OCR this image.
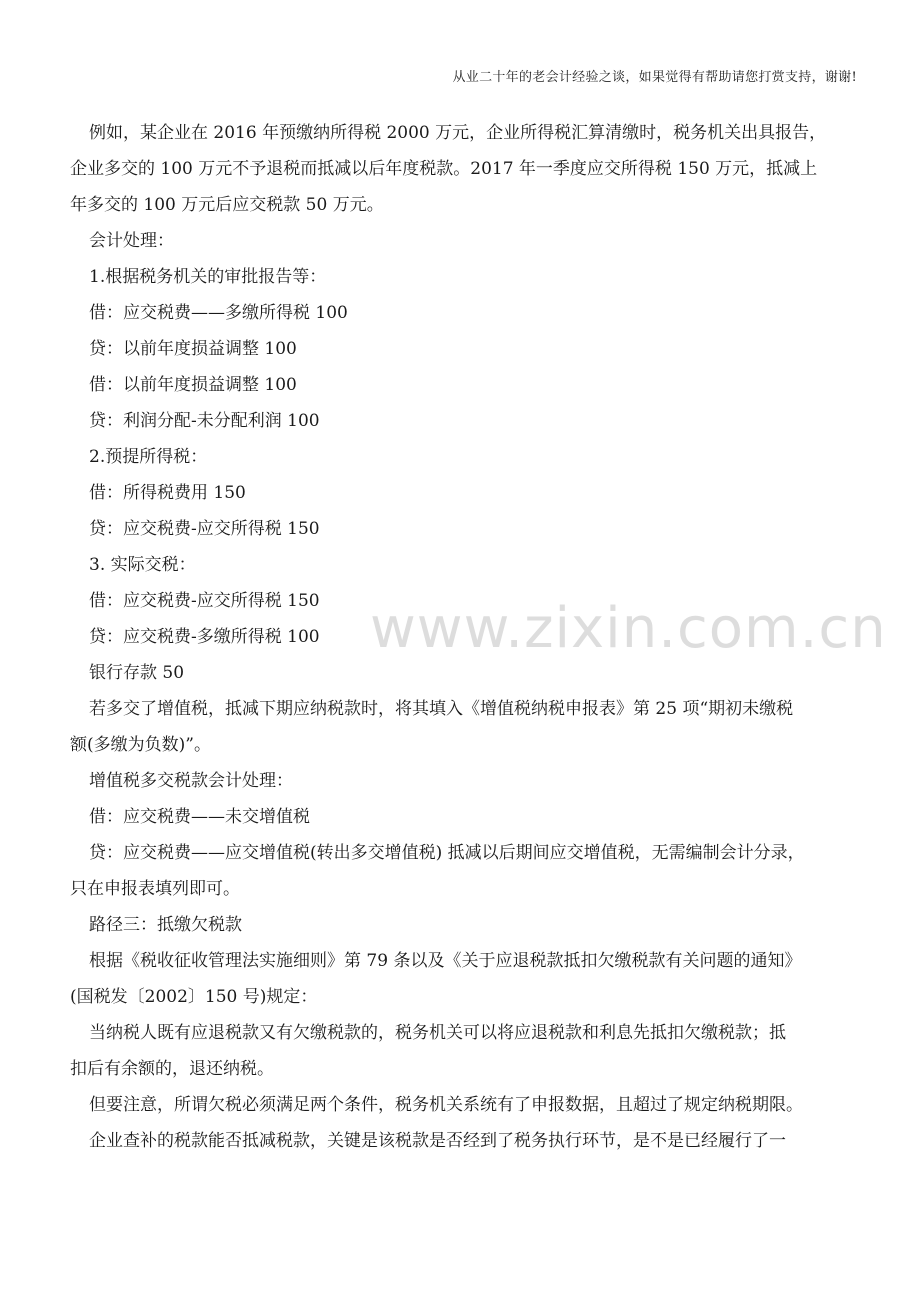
从业二十年的老会计经验之谈，如果觉得有帮助请您打赏支持，谢谢!

例如，某企业在 2016 年预缴纳所得税 2000 万元，企业所得税汇算清缴时，税务机关出具报告，

企业多交的 100 万元不予退税而抵减以后年度税款。2017 年一季度应交所得税 150 万元，抵减上

年多交的 100 万元后应交税款 50 万元。

会计处理：

1.根据税务机关的审批报告等：

借：应交税费——多缴所得税 100

贷：以前年度损益调整 100

借：以前年度损益调整 100

贷：利润分配-未分配利润 100

2.预提所得税：

借：所得税费用 150

贷：应交税费-应交所得税 150

3. 实际交税：

借：应交税费-应交所得税 150

贷：应交税费-多缴所得税 100

银行存款 50

若多交了增值税，抵减下期应纳税款时，将其填入《增值税纳税申报表》第 25 项“期初未缴税

额(多缴为负数)”。

增值税多交税款会计处理：

借：应交税费——未交增值税

贷：应交税费——应交增值税(转出多交增值税) 抵减以后期间应交增值税，无需编制会计分录，

只在申报表填列即可。

路径三：抵缴欠税款

根据《税收征收管理法实施细则》第 79 条以及《关于应退税款抵扣欠缴税款有关问题的通知》

(国税发〔2002〕150 号)规定：

当纳税人既有应退税款又有欠缴税款的，税务机关可以将应退税款和利息先抵扣欠缴税款；抵

扣后有余额的，退还纳税。

但要注意，所谓欠税必须满足两个条件，税务机关系统有了申报数据，且超过了规定纳税期限。

企业查补的税款能否抵减税款，关键是该税款是否经到了税务执行环节，是不是已经履行了一

www.zixin.com.cn
